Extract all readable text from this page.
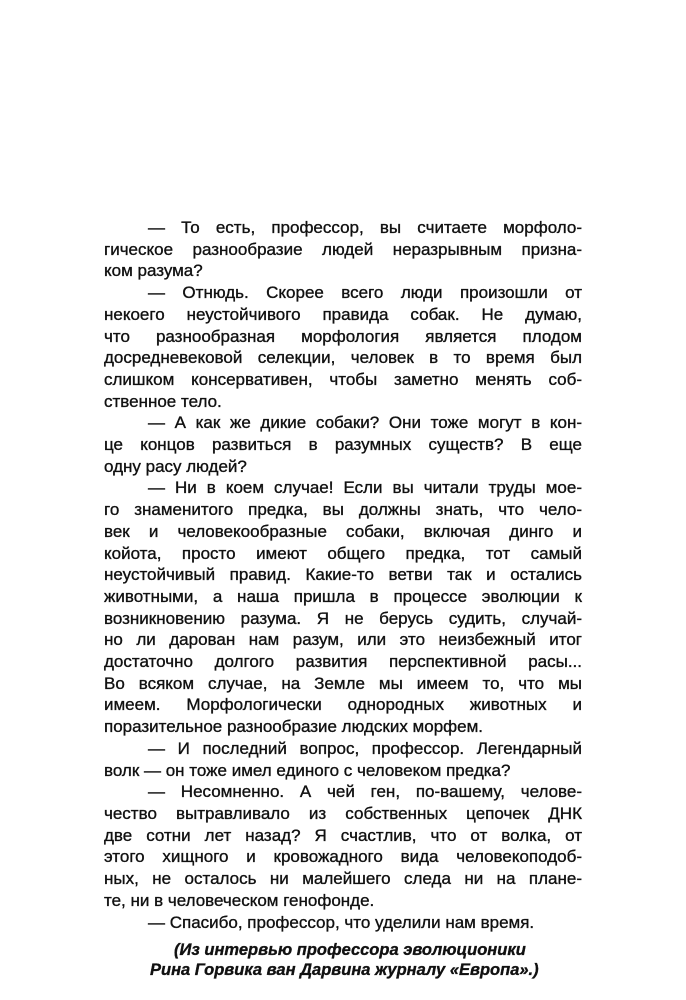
— То есть, профессор, вы считаете морфоло-
гическое разнообразие людей неразрывным призна-
ком разума?
— Отнюдь. Скорее всего люди произошли от
некоего неустойчивого правида собак. Не думаю,
что разнообразная морфология является плодом
досредневековой селекции, человек в то время был
слишком консервативен, чтобы заметно менять соб-
ственное тело.
— А как же дикие собаки? Они тоже могут в кон-
це концов развиться в разумных существ? В еще
одну расу людей?
— Ни в коем случае! Если вы читали труды мое-
го знаменитого предка, вы должны знать, что чело-
век и человекообразные собаки, включая динго и
койота, просто имеют общего предка, тот самый
неустойчивый правид. Какие-то ветви так и остались
животными, а наша пришла в процессе эволюции к
возникновению разума. Я не берусь судить, случай-
но ли дарован нам разум, или это неизбежный итог
достаточно долгого развития перспективной расы...
Во всяком случае, на Земле мы имеем то, что мы
имеем. Морфологически однородных животных и
поразительное разнообразие людских морфем.
— И последний вопрос, профессор. Легендарный
волк — он тоже имел единого с человеком предка?
— Несомненно. А чей ген, по-вашему, челове-
чество вытравливало из собственных цепочек ДНК
две сотни лет назад? Я счастлив, что от волка, от
этого хищного и кровожадного вида человекоподоб-
ных, не осталось ни малейшего следа ни на плане-
те, ни в человеческом генофонде.
— Спасибо, профессор, что уделили нам время.
(Из интервью профессора эволюционики
Рина Горвика ван Дарвина журналу «Европа».)
